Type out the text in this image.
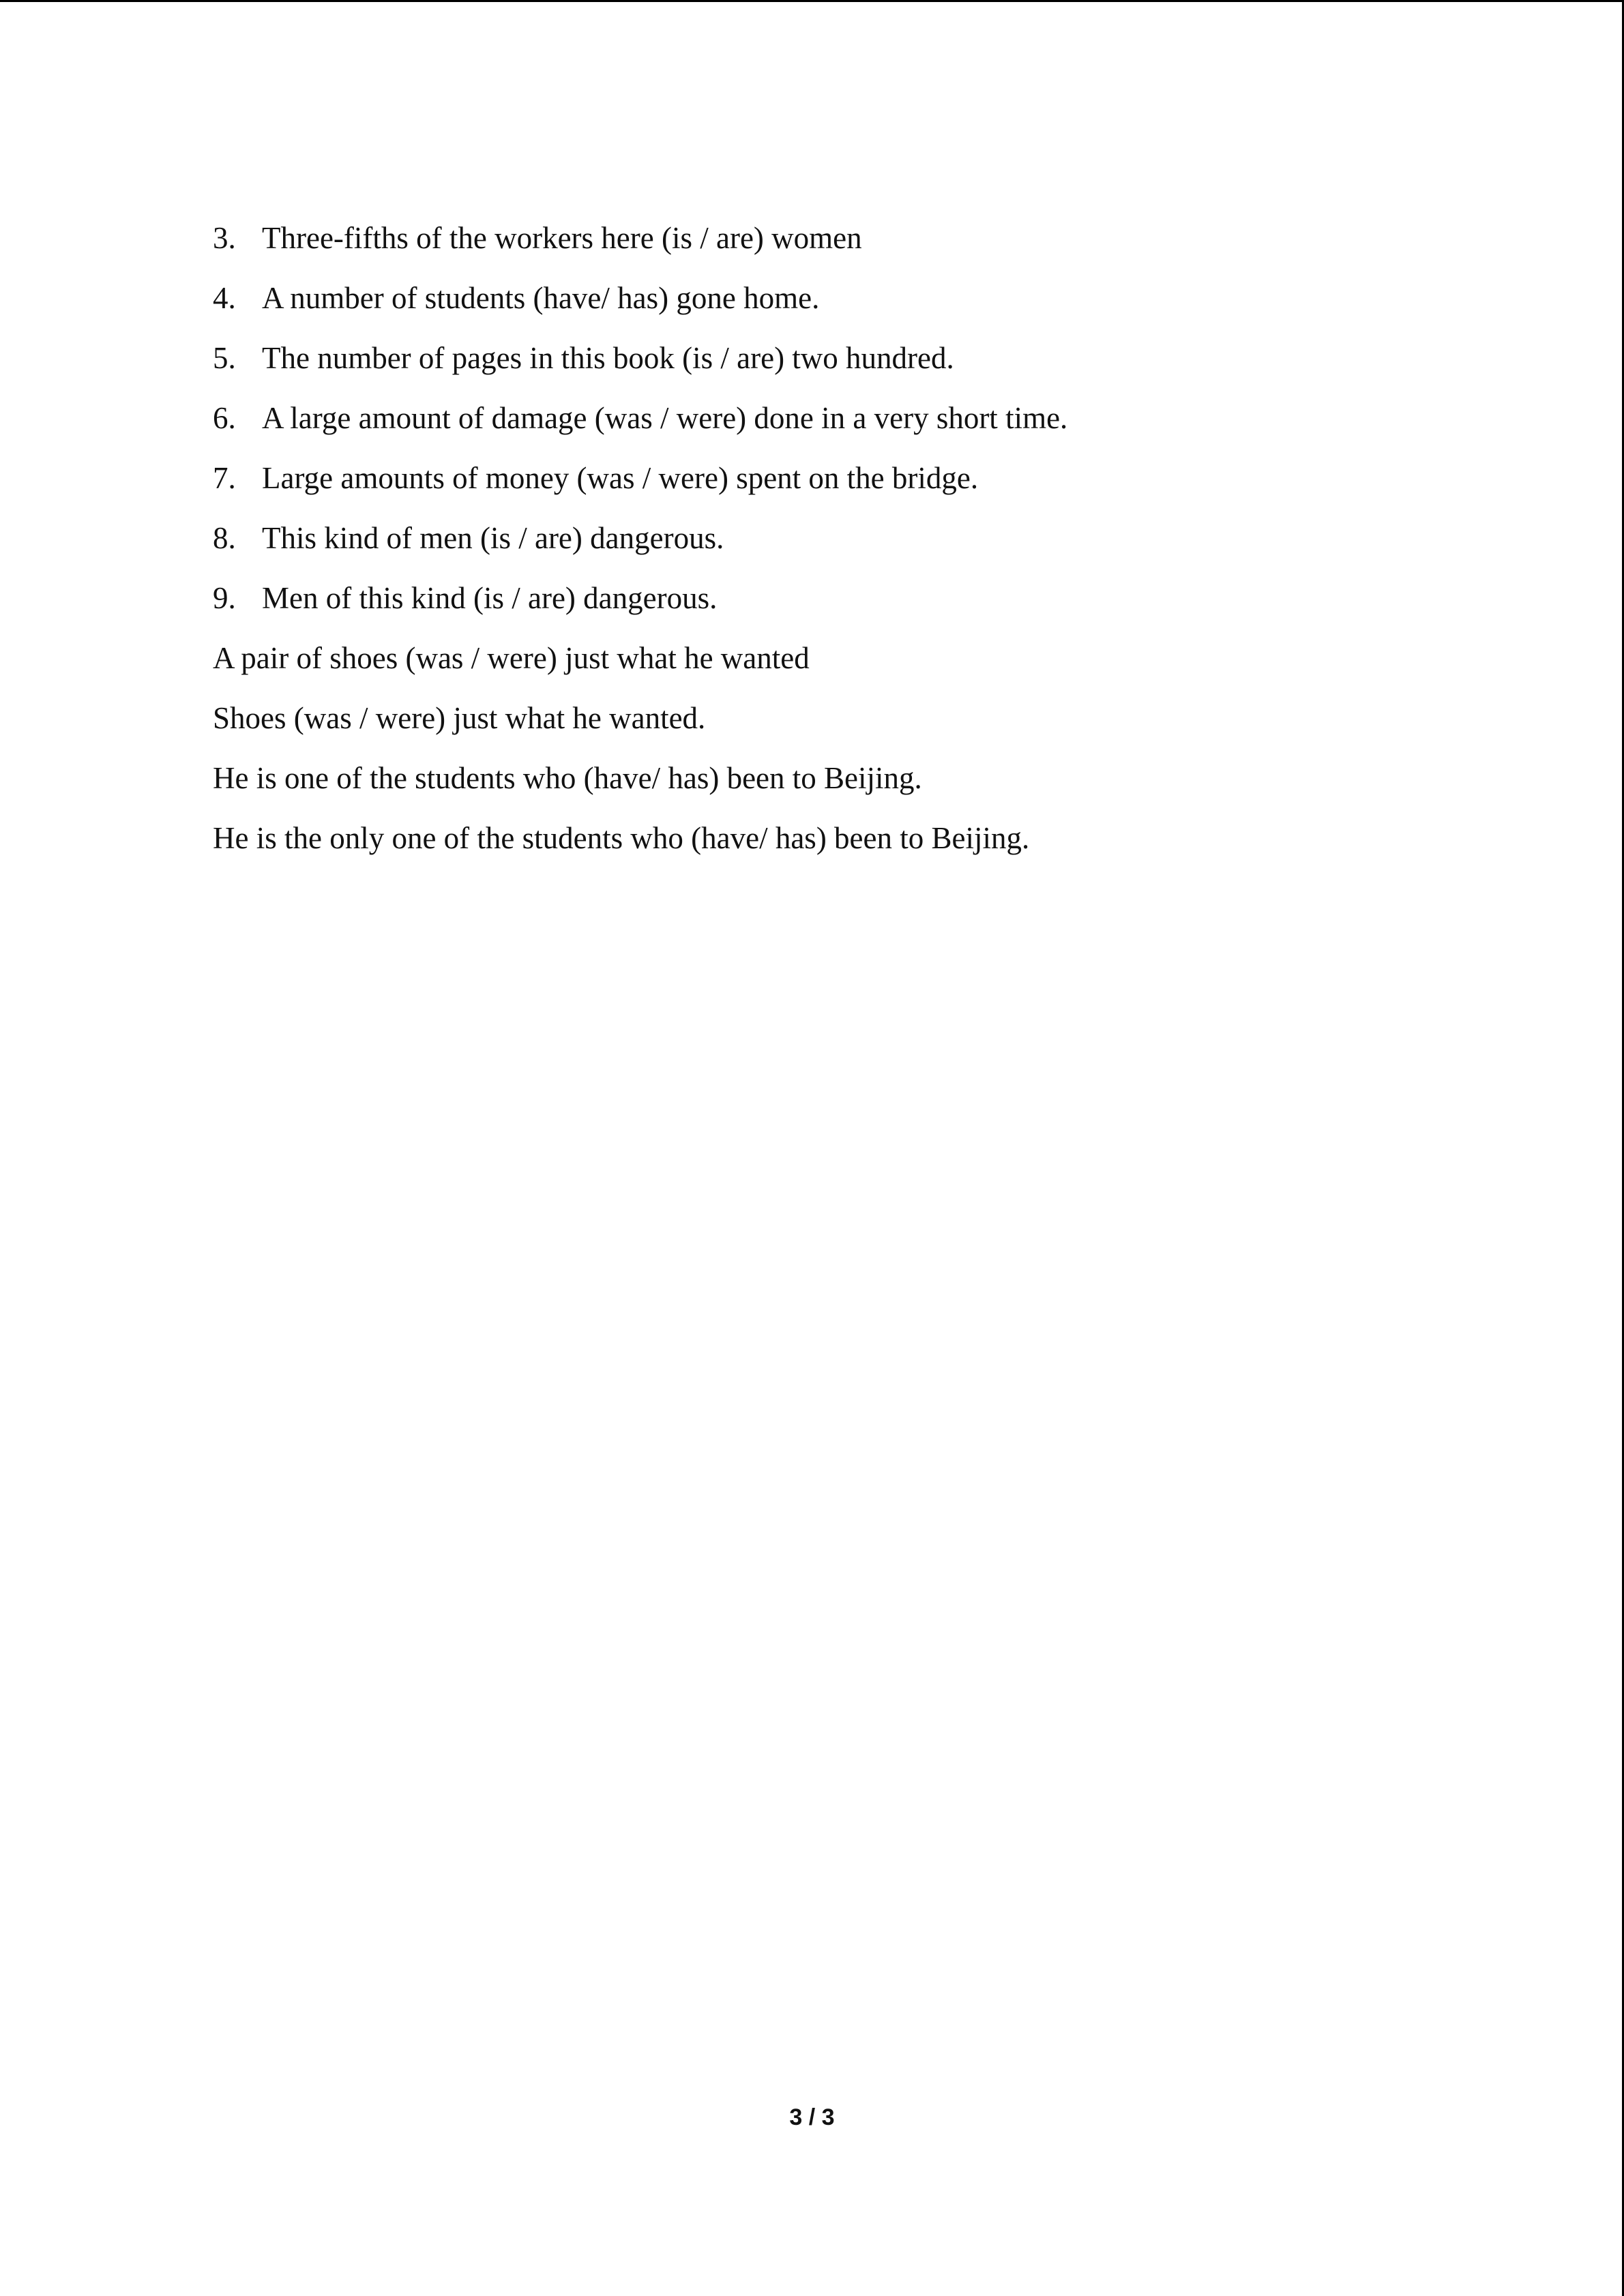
3. Three-fifths of the workers here (is / are) women
4. A number of students (have/ has) gone home.
5. The number of pages in this book (is / are) two hundred.
6. A large amount of damage (was / were) done in a very short time.
7. Large amounts of money (was / were) spent on the bridge.
8. This kind of men (is / are) dangerous.
9. Men of this kind (is / are) dangerous.
A pair of shoes (was / were) just what he wanted
Shoes (was / were) just what he wanted.
He is one of the students who (have/ has) been to Beijing.
He is the only one of the students who (have/ has) been to Beijing.
3 / 3
